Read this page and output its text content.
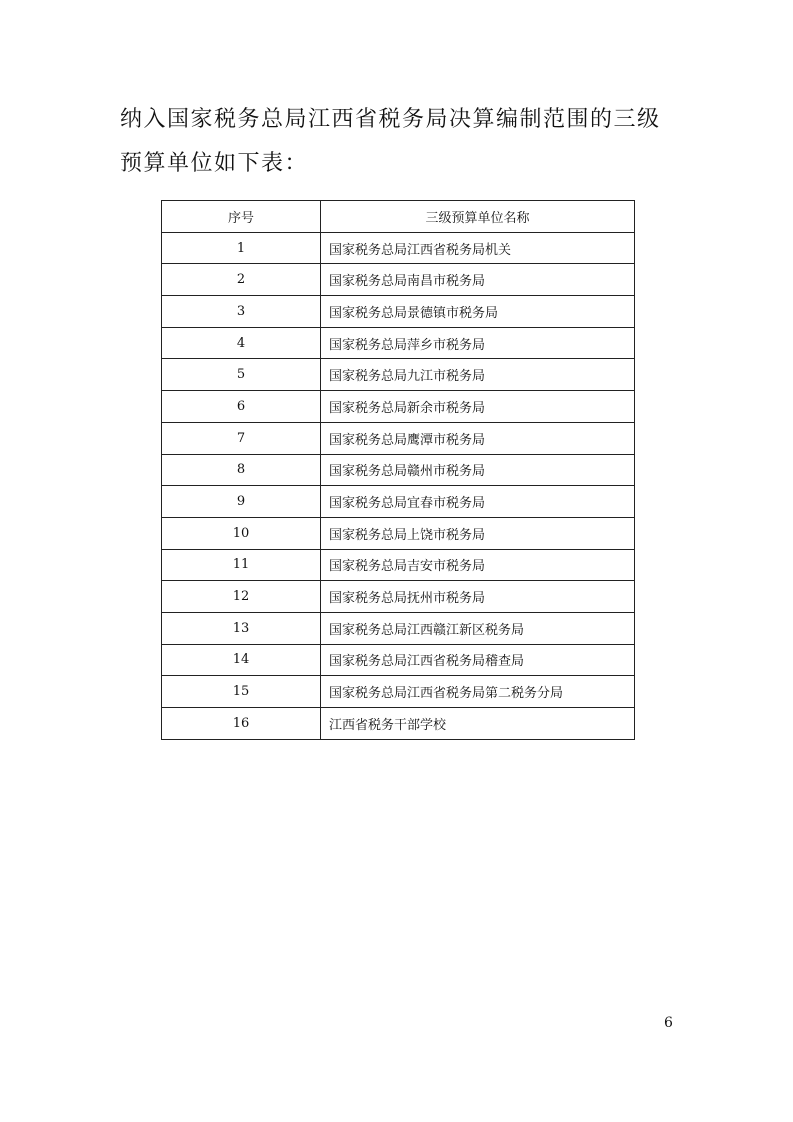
纳入国家税务总局江西省税务局决算编制范围的三级预算单位如下表：

序号	三级预算单位名称
1	国家税务总局江西省税务局机关
2	国家税务总局南昌市税务局
3	国家税务总局景德镇市税务局
4	国家税务总局萍乡市税务局
5	国家税务总局九江市税务局
6	国家税务总局新余市税务局
7	国家税务总局鹰潭市税务局
8	国家税务总局赣州市税务局
9	国家税务总局宜春市税务局
10	国家税务总局上饶市税务局
11	国家税务总局吉安市税务局
12	国家税务总局抚州市税务局
13	国家税务总局江西赣江新区税务局
14	国家税务总局江西省税务局稽查局
15	国家税务总局江西省税务局第二税务分局
16	江西省税务干部学校
6
